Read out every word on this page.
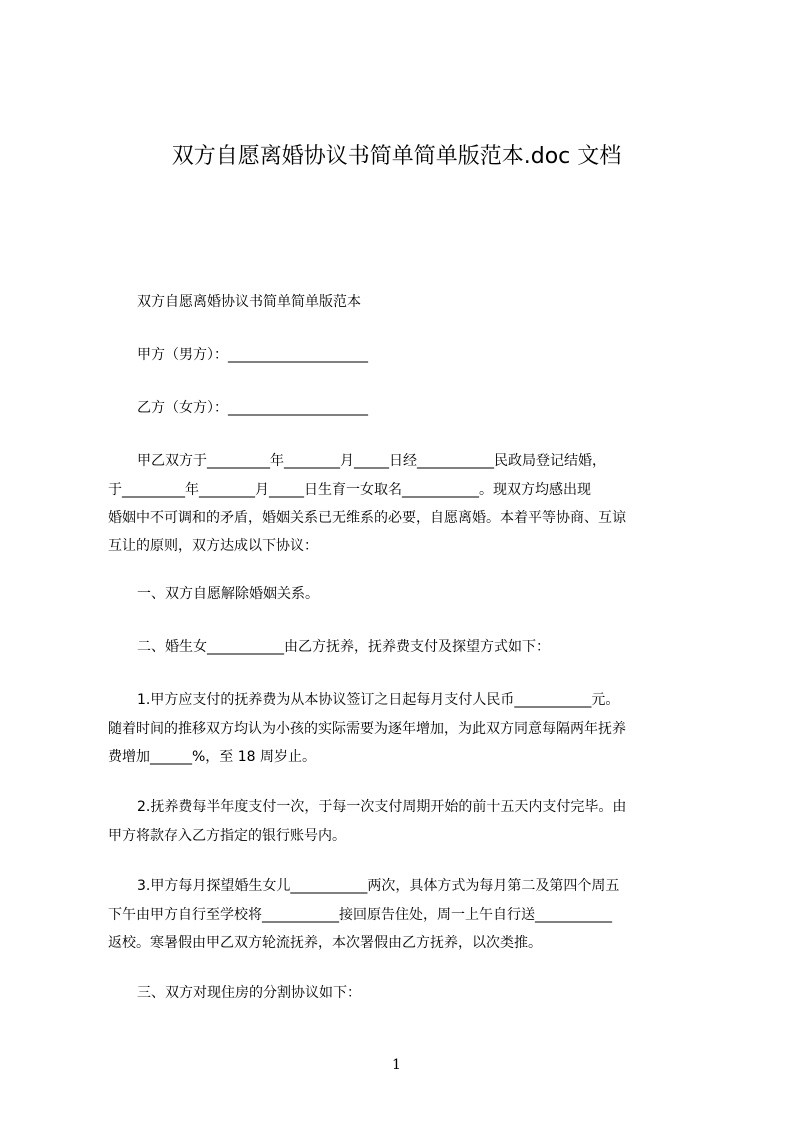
双方自愿离婚协议书简单简单版范本.doc 文档
双方自愿离婚协议书简单简单版范本
甲方（男方）：____________________
乙方（女方）：____________________
甲乙双方于_________年________月_____日经___________民政局登记结婚，
于_________年________月_____日生育一女取名___________。现双方均感出现
婚姻中不可调和的矛盾，婚姻关系已无维系的必要，自愿离婚。本着平等协商、互谅
互让的原则，双方达成以下协议：
一、双方自愿解除婚姻关系。
二、婚生女___________由乙方抚养，抚养费支付及探望方式如下：
1.甲方应支付的抚养费为从本协议签订之日起每月支付人民币___________元。
随着时间的推移双方均认为小孩的实际需要为逐年增加，为此双方同意每隔两年抚养
费增加______%，至 18 周岁止。
2.抚养费每半年度支付一次，于每一次支付周期开始的前十五天内支付完毕。由
甲方将款存入乙方指定的银行账号内。
3.甲方每月探望婚生女儿___________两次，具体方式为每月第二及第四个周五
下午由甲方自行至学校将___________接回原告住处，周一上午自行送___________
返校。寒暑假由甲乙双方轮流抚养，本次署假由乙方抚养，以次类推。
三、双方对现住房的分割协议如下：
1
